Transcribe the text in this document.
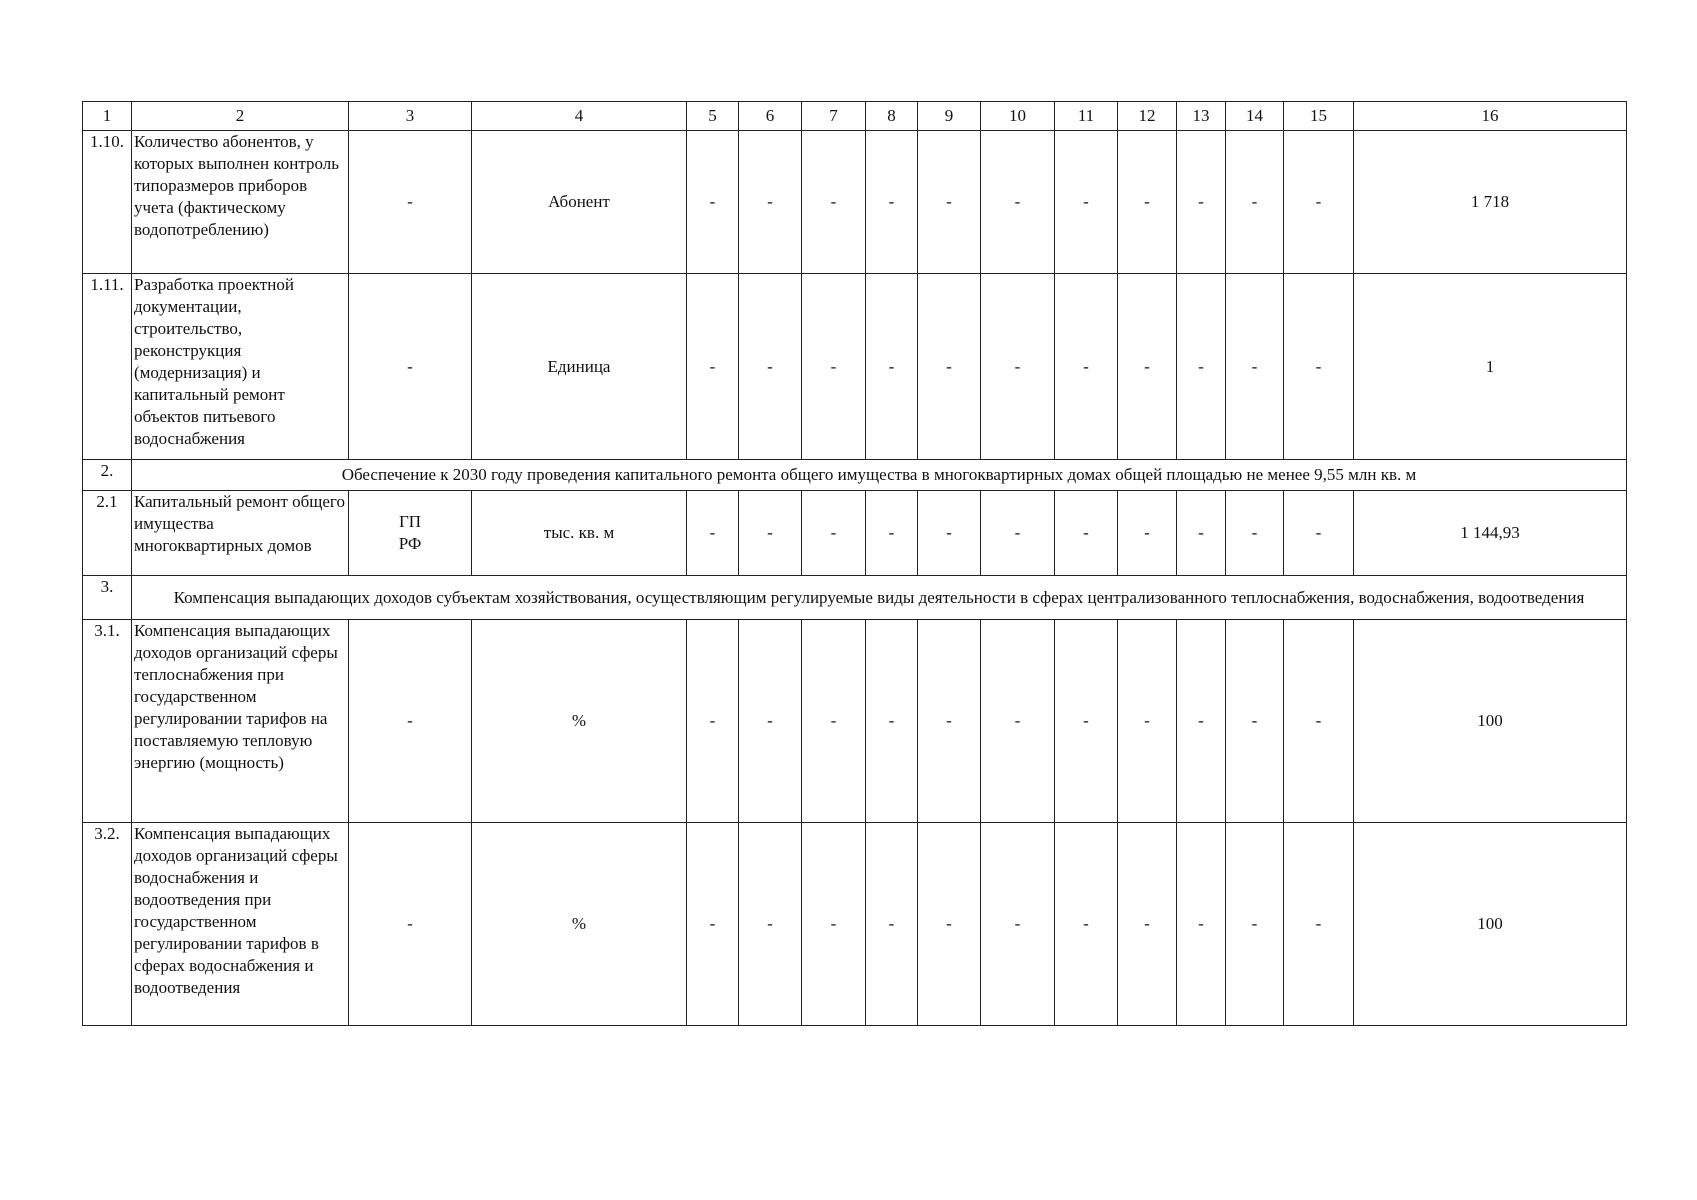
1	2	3	4	5	6	7	8	9	10	11	12	13	14	15	16
1.10.	Количество абонентов, у которых выполнен контроль типоразмеров приборов учета (фактическому водопотреблению)	-	Абонент	-	-	-	-	-	-	-	-	-	-	-	1 718
1.11.	Разработка проектной документации, строительство, реконструкция (модернизация) и капитальный ремонт объектов питьевого водоснабжения	-	Единица	-	-	-	-	-	-	-	-	-	-	-	1
2.	Обеспечение к 2030 году проведения капитального ремонта общего имущества в многоквартирных домах общей площадью не менее 9,55 млн кв. м														
2.1	Капитальный ремонт общего имущества многоквартирных домов	ГП РФ	тыс. кв. м	-	-	-	-	-	-	-	-	-	-	-	1 144,93
3.	Компенсация выпадающих доходов субъектам хозяйствования, осуществляющим регулируемые виды деятельности в сферах централизованного теплоснабжения, водоснабжения, водоотведения														
3.1.	Компенсация выпадающих доходов организаций сферы теплоснабжения при государственном регулировании тарифов на поставляемую тепловую энергию (мощность)	-	%	-	-	-	-	-	-	-	-	-	-	-	100
3.2.	Компенсация выпадающих доходов организаций сферы водоснабжения и водоотведения при государственном регулировании тарифов в сферах водоснабжения и водоотведения	-	%	-	-	-	-	-	-	-	-	-	-	-	100
